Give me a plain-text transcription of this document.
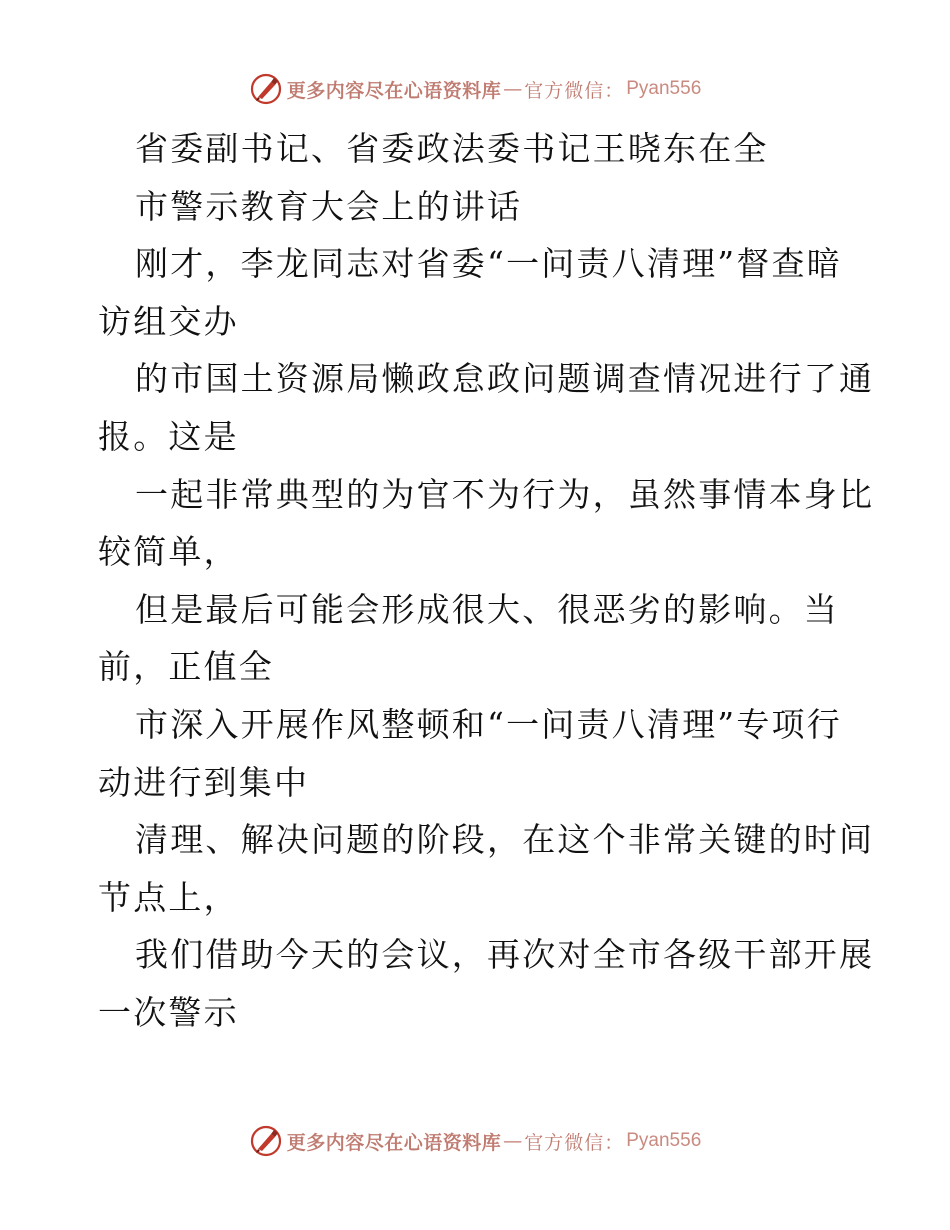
更多内容尽在心语资料库 — 官方微信： Pyan556
省委副书记、省委政法委书记王晓东在全
市警示教育大会上的讲话
刚才，李龙同志对省委“一问责八清理”督查暗
访组交办
的市国土资源局懒政怠政问题调查情况进行了通
报。这是
一起非常典型的为官不为行为，虽然事情本身比
较简单，
但是最后可能会形成很大、很恶劣的影响。当
前，正值全
市深入开展作风整顿和“一问责八清理”专项行
动进行到集中
清理、解决问题的阶段，在这个非常关键的时间
节点上，
我们借助今天的会议，再次对全市各级干部开展
一次警示
更多内容尽在心语资料库 — 官方微信： Pyan556
